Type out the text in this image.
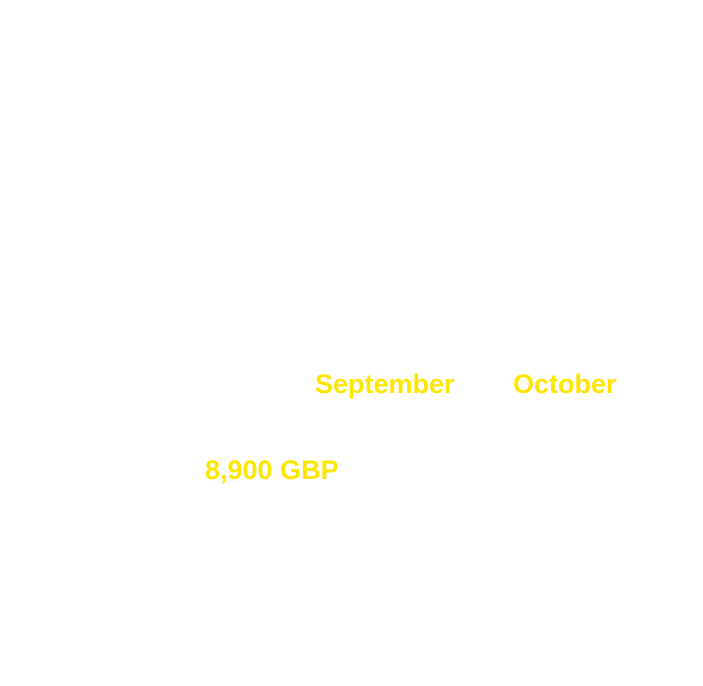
September October
8,900 GBP
